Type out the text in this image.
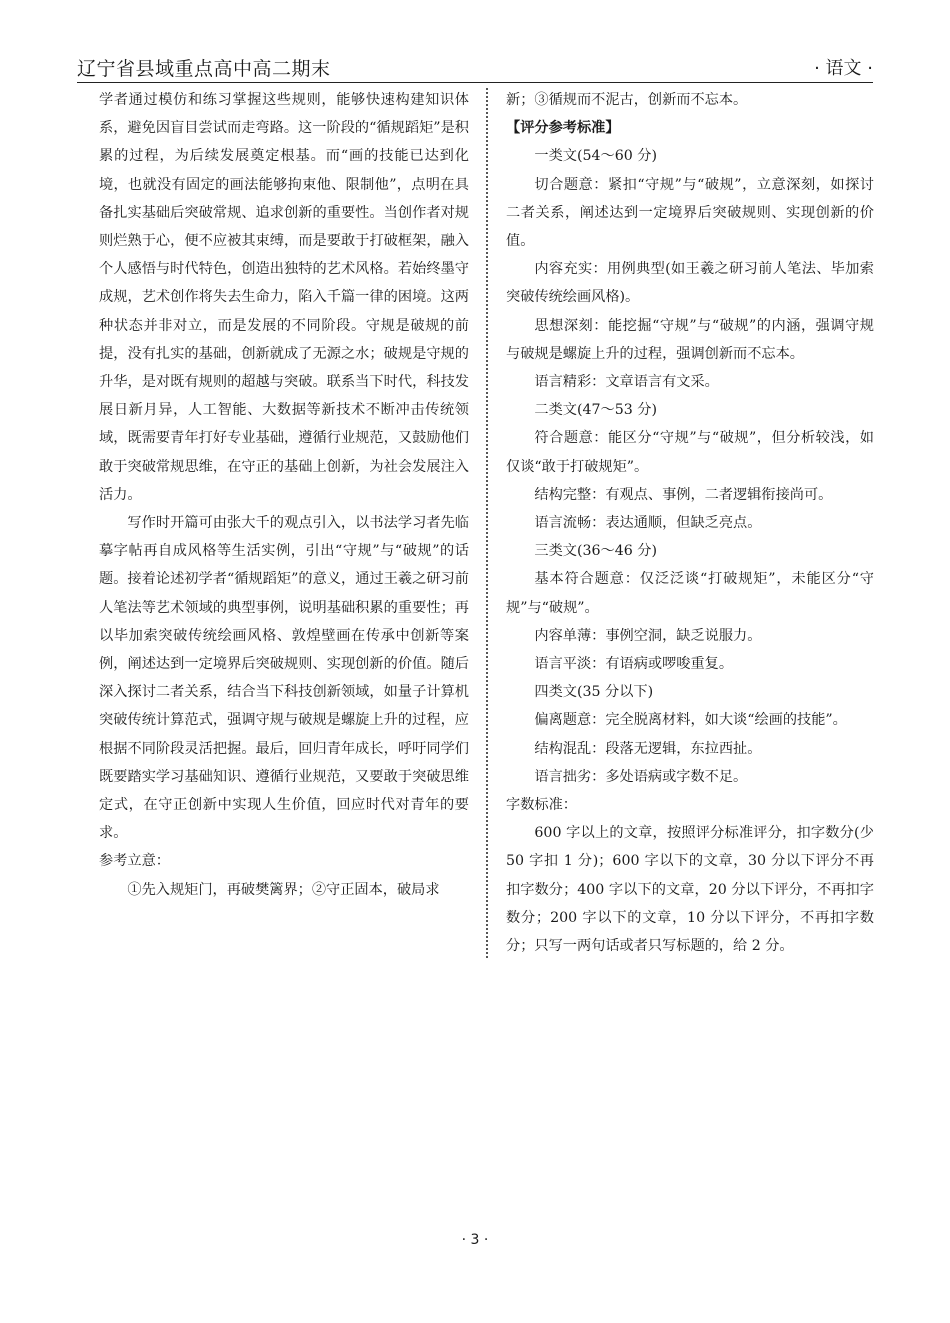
辽宁省县域重点高中高二期末	· 语文 ·

学者通过模仿和练习掌握这些规则，能够快速构建知识体系，避免因盲目尝试而走弯路。这一阶段的“循规蹈矩”是积累的过程，为后续发展奠定根基。而“画的技能已达到化境，也就没有固定的画法能够拘束他、限制他”，点明在具备扎实基础后突破常规、追求创新的重要性。当创作者对规则烂熟于心，便不应被其束缚，而是要敢于打破框架，融入个人感悟与时代特色，创造出独特的艺术风格。若始终墨守成规，艺术创作将失去生命力，陷入千篇一律的困境。这两种状态并非对立，而是发展的不同阶段。守规是破规的前提，没有扎实的基础，创新就成了无源之水；破规是守规的升华，是对既有规则的超越与突破。联系当下时代，科技发展日新月异，人工智能、大数据等新技术不断冲击传统领域，既需要青年打好专业基础，遵循行业规范，又鼓励他们敢于突破常规思维，在守正的基础上创新，为社会发展注入活力。

写作时开篇可由张大千的观点引入，以书法学习者先临摹字帖再自成风格等生活实例，引出“守规”与“破规”的话题。接着论述初学者“循规蹈矩”的意义，通过王羲之研习前人笔法等艺术领域的典型事例，说明基础积累的重要性；再以毕加索突破传统绘画风格、敦煌壁画在传承中创新等案例，阐述达到一定境界后突破规则、实现创新的价值。随后深入探讨二者关系，结合当下科技创新领域，如量子计算机突破传统计算范式，强调守规与破规是螺旋上升的过程，应根据不同阶段灵活把握。最后，回归青年成长，呼吁同学们既要踏实学习基础知识、遵循行业规范，又要敢于突破思维定式，在守正创新中实现人生价值，回应时代对青年的要求。

参考立意：

①先入规矩门，再破樊篱界；②守正固本，破局求

新；③循规而不泥古，创新而不忘本。

【评分参考标准】

一类文(54～60 分)

切合题意：紧扣“守规”与“破规”，立意深刻，如探讨二者关系，阐述达到一定境界后突破规则、实现创新的价值。

内容充实：用例典型(如王羲之研习前人笔法、毕加索突破传统绘画风格)。

思想深刻：能挖掘“守规”与“破规”的内涵，强调守规与破规是螺旋上升的过程，强调创新而不忘本。

语言精彩：文章语言有文采。

二类文(47～53 分)

符合题意：能区分“守规”与“破规”，但分析较浅，如仅谈“敢于打破规矩”。

结构完整：有观点、事例，二者逻辑衔接尚可。

语言流畅：表达通顺，但缺乏亮点。

三类文(36～46 分)

基本符合题意：仅泛泛谈“打破规矩”，未能区分“守规”与“破规”。

内容单薄：事例空洞，缺乏说服力。

语言平淡：有语病或啰唆重复。

四类文(35 分以下)

偏离题意：完全脱离材料，如大谈“绘画的技能”。

结构混乱：段落无逻辑，东拉西扯。

语言拙劣：多处语病或字数不足。

字数标准：

600 字以上的文章，按照评分标准评分，扣字数分(少 50 字扣 1 分)；600 字以下的文章，30 分以下评分不再扣字数分；400 字以下的文章，20 分以下评分，不再扣字数分；200 字以下的文章，10 分以下评分，不再扣字数分；只写一两句话或者只写标题的，给 2 分。

· 3 ·
